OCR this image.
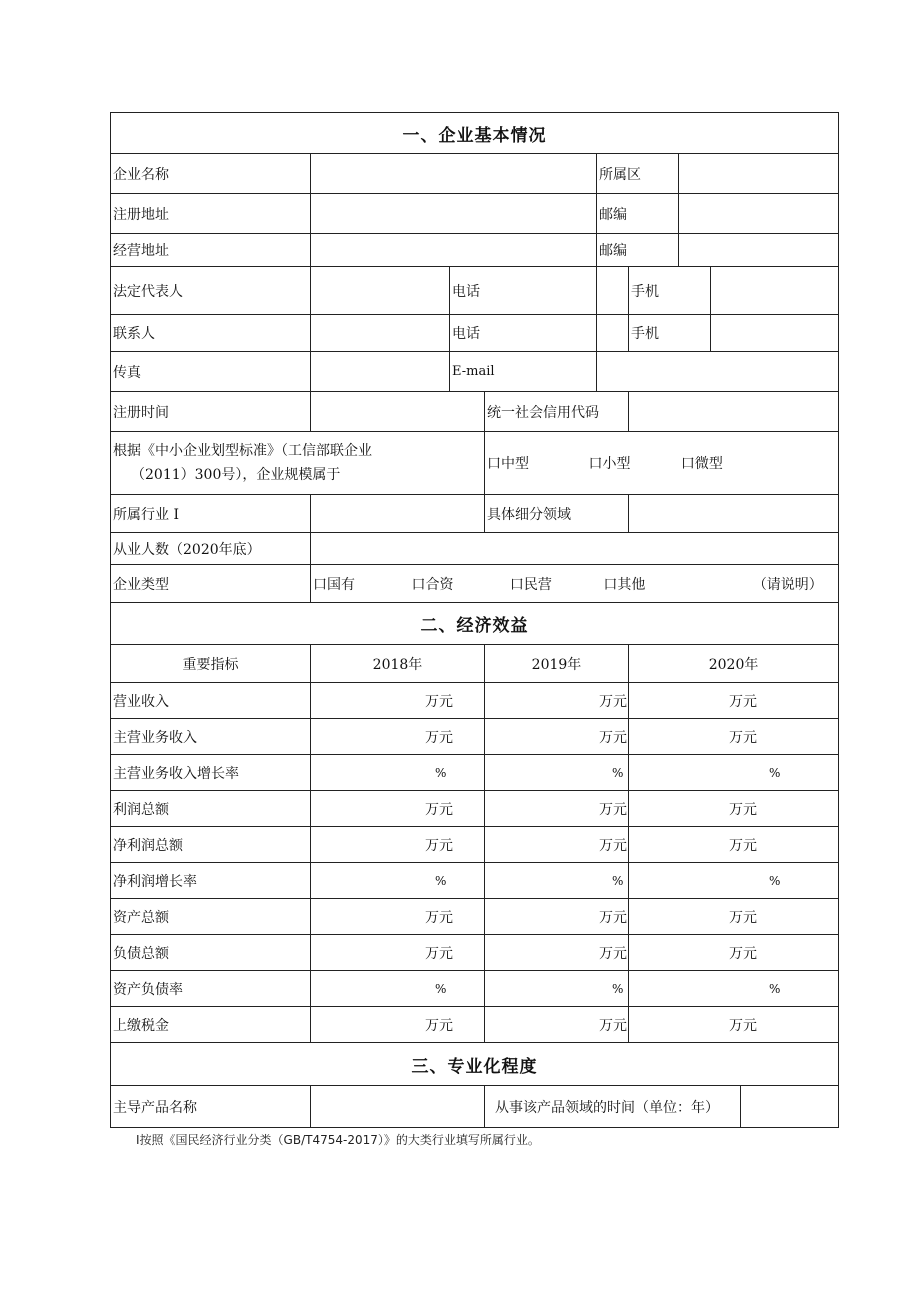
一、企业基本情况								
企业名称				所属区				
注册地址				邮编				
经营地址				邮编				
法定代表人		电话			手机			
联系人		电话			手机			
传真		E-mail						
注册时间			统一社会信用代码					

根据《中小企业划型标准》（工信部联企业
（2011）300号），企业规模属于			口中型 口小型 口微型					
所属行业 I			具体细分领域					
从业人数（2020年底）								
企业类型	口国有 口合资 口民营 口其他 （请说明）							
二、经济效益								
重要指标	2018年		2019年		2020年			
营业收入	万元		万元		万元			
主营业务收入	万元		万元		万元			
主营业务收入增长率	%		%		%			
利润总额	万元		万元		万元			
净利润总额	万元		万元		万元			
净利润增长率	%		%		%			
资产总额	万元		万元		万元			
负债总额	万元		万元		万元			
资产负债率	%		%		%			
上缴税金	万元		万元		万元			
三、专业化程度								
主导产品名称			从事该产品领域的时间（单位：年）					
I按照《国民经济行业分类（GB/T4754-2017）》的大类行业填写所属行业。
